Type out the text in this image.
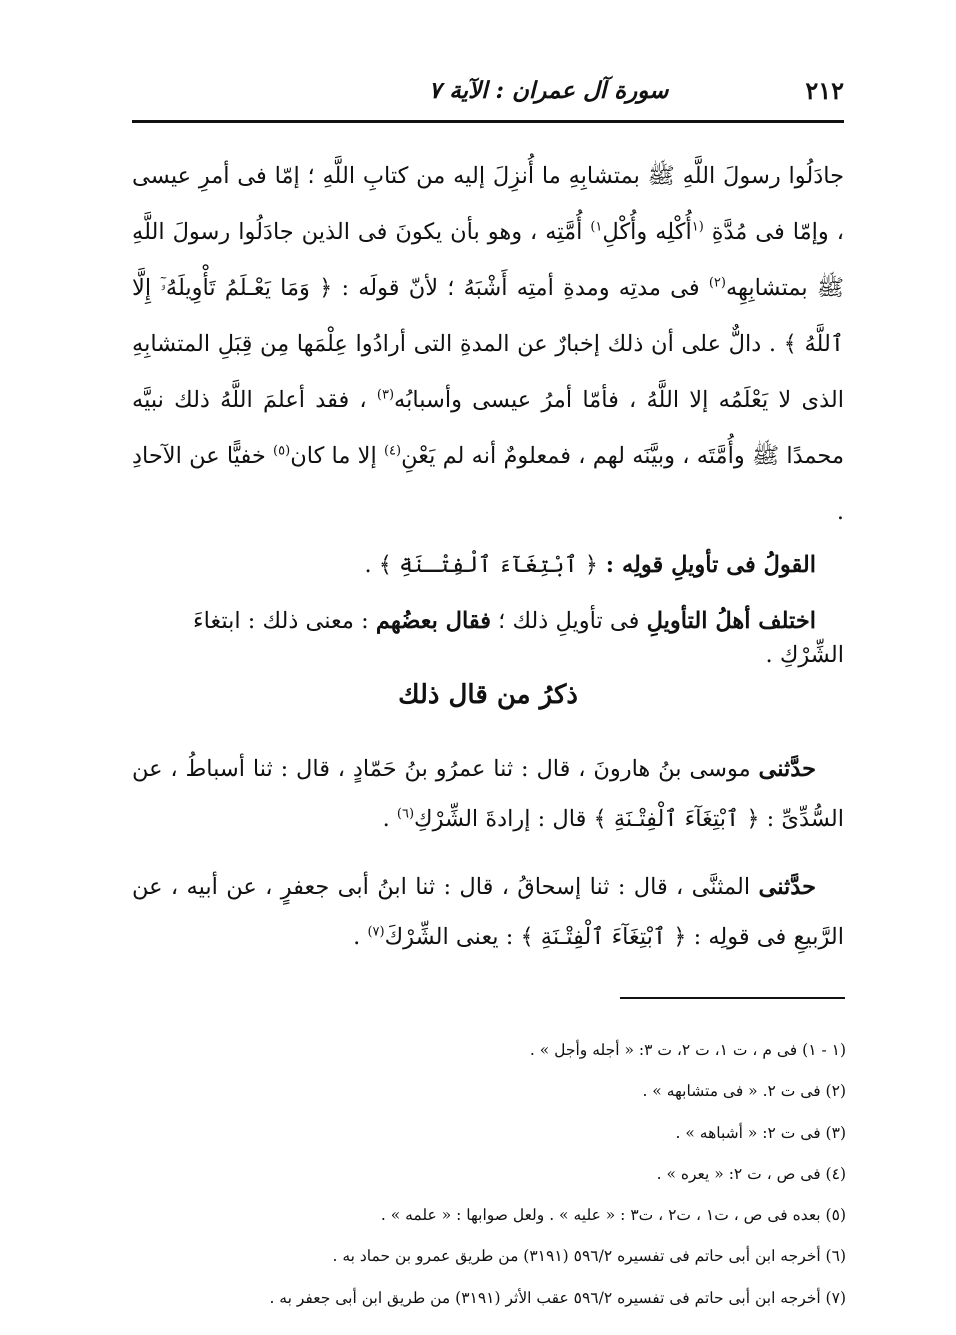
٢١٢
سورة آل عمران : الآية ٧

جادَلُوا رسولَ اللَّهِ ﷺ بمتشابِهِ ما أُنزِلَ إليه من كتابِ اللَّهِ ؛ إمّا فى أمرِ عيسى ، وإمّا فى مُدَّةِ $^{(١}$أُكْلِه وأُكْلِ$^{١)}$ أُمَّتِه ، وهو بأن يكونَ فى الذين جادَلُوا رسولَ اللَّهِ ﷺ بمتشابِهِه$^{(٢)}$ فى مدتِه ومدةِ أمتِه أَشْبَهُ ؛ لأنّ قولَه : ﴿ وَمَا يَعْـلَمُ تَأْوِيلَهُۥٓ إِلَّا ٱللَّهُ ﴾ . دالٌّ على أن ذلك إخبارٌ عن المدةِ التى أرادُوا عِلْمَها مِن قِبَلِ المتشابِهِ الذى لا يَعْلَمُه إلا اللَّهُ ، فأمّا أمرُ عيسى وأسبابُه$^{(٣)}$ ، فقد أعلمَ اللَّهُ ذلك نبيَّه محمدًا ﷺ وأُمَّتَه ، وبيَّنَه لهم ، فمعلومٌ أنه لم يَعْنِ$^{(٤)}$ إلا ما كان$^{(٥)}$ خفيًّا عن الآحادِ .

القولُ فى تأويلِ قولِه : ﴿ ٱبْتِغَآءَ ٱلْفِتْـنَةِ ﴾ .
اختلف أهلُ التأويلِ فى تأويلِ ذلك ؛ فقال بعضُهم : معنى ذلك : ابتغاءَ الشِّرْكِ .
ذكرُ من قال ذلك

حدَّثنى موسى بنُ هارونَ ، قال : ثنا عمرُو بنُ حَمّادٍ ، قال : ثنا أسباطُ ، عن السُّدِّىِّ : ﴿ ٱبْتِغَآءَ ٱلْفِتْـنَةِ ﴾ قال : إرادةَ الشِّرْكِ$^{(٦)}$ .

حدَّثنى المثنَّى ، قال : ثنا إسحاقُ ، قال : ثنا ابنُ أبى جعفرٍ ، عن أبيه ، عن الرَّبيعِ فى قولِه : ﴿ ٱبْتِغَآءَ ٱلْفِتْـنَةِ ﴾ : يعنى الشِّرْكَ$^{(٧)}$ .

(١ - ١) فى م ، ت ١، ت ٢، ت ٣: « أجله وأجل » .
(٢) فى ت ٢. « فى متشابهه » .
(٣) فى ت ٢: « أشباهه » .
(٤) فى ص ، ت ٢: « يعره » .
(٥) بعده فى ص ، ت١ ، ت٢ ، ت٣ : « عليه » . ولعل صوابها : « علمه » .
(٦) أخرجه ابن أبى حاتم فى تفسيره ٥٩٦/٢ (٣١٩١) من طريق عمرو بن حماد به .
(٧) أخرجه ابن أبى حاتم فى تفسيره ٥٩٦/٢ عقب الأثر (٣١٩١) من طريق ابن أبى جعفر به .
